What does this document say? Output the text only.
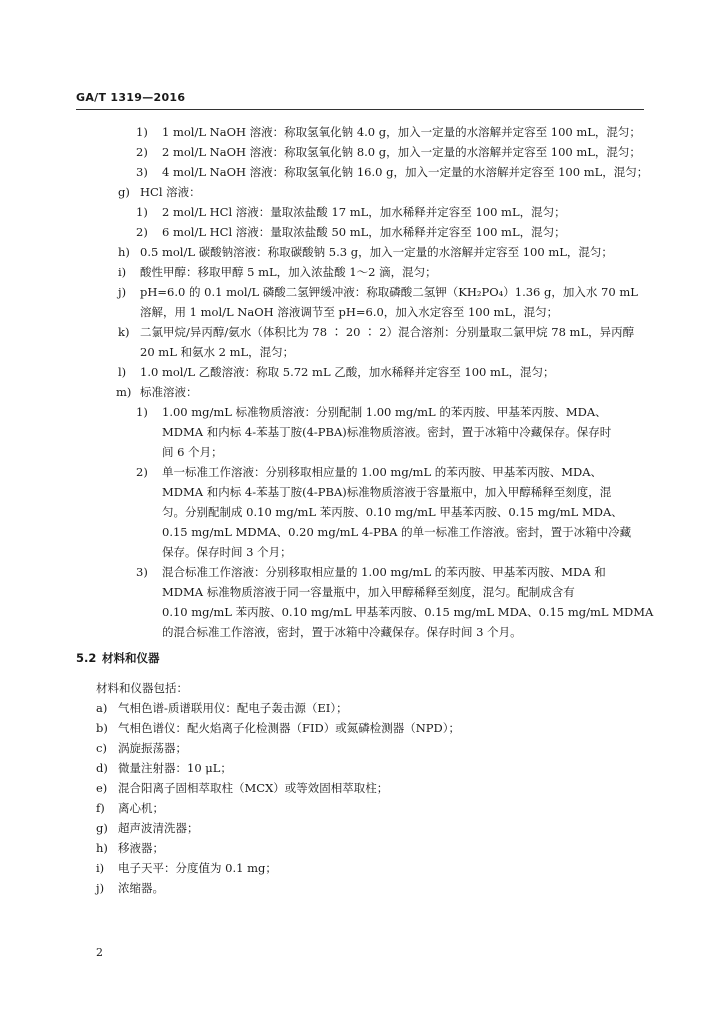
GA/T 1319—2016
1) 1 mol/L NaOH 溶液：称取氢氧化钠 4.0 g，加入一定量的水溶解并定容至 100 mL，混匀；
2) 2 mol/L NaOH 溶液：称取氢氧化钠 8.0 g，加入一定量的水溶解并定容至 100 mL，混匀；
3) 4 mol/L NaOH 溶液：称取氢氧化钠 16.0 g，加入一定量的水溶解并定容至 100 mL，混匀；
g) HCl 溶液：
1) 2 mol/L HCl 溶液：量取浓盐酸 17 mL，加水稀释并定容至 100 mL，混匀；
2) 6 mol/L HCl 溶液：量取浓盐酸 50 mL，加水稀释并定容至 100 mL，混匀；
h) 0.5 mol/L 碳酸钠溶液：称取碳酸钠 5.3 g，加入一定量的水溶解并定容至 100 mL，混匀；
i) 酸性甲醇：移取甲醇 5 mL，加入浓盐酸 1～2 滴，混匀；
j) pH=6.0 的 0.1 mol/L 磷酸二氢钾缓冲液：称取磷酸二氢钾（KH₂PO₄）1.36 g，加入水 70 mL
溶解，用 1 mol/L NaOH 溶液调节至 pH=6.0，加入水定容至 100 mL，混匀；
k) 二氯甲烷/异丙醇/氨水（体积比为 78 ∶ 20 ∶ 2）混合溶剂：分别量取二氯甲烷 78 mL，异丙醇
20 mL 和氨水 2 mL，混匀；
l) 1.0 mol/L 乙酸溶液：称取 5.72 mL 乙酸，加水稀释并定容至 100 mL，混匀；
m) 标准溶液：
1) 1.00 mg/mL 标准物质溶液：分别配制 1.00 mg/mL 的苯丙胺、甲基苯丙胺、MDA、
MDMA 和内标 4-苯基丁胺(4-PBA)标准物质溶液。密封，置于冰箱中冷藏保存。保存时
间 6 个月；
2) 单一标准工作溶液：分别移取相应量的 1.00 mg/mL 的苯丙胺、甲基苯丙胺、MDA、
MDMA 和内标 4-苯基丁胺(4-PBA)标准物质溶液于容量瓶中，加入甲醇稀释至刻度，混
匀。分别配制成 0.10 mg/mL 苯丙胺、0.10 mg/mL 甲基苯丙胺、0.15 mg/mL MDA、
0.15 mg/mL MDMA、0.20 mg/mL 4-PBA 的单一标准工作溶液。密封，置于冰箱中冷藏
保存。保存时间 3 个月；
3) 混合标准工作溶液：分别移取相应量的 1.00 mg/mL 的苯丙胺、甲基苯丙胺、MDA 和
MDMA 标准物质溶液于同一容量瓶中，加入甲醇稀释至刻度，混匀。配制成含有
0.10 mg/mL 苯丙胺、0.10 mg/mL 甲基苯丙胺、0.15 mg/mL MDA、0.15 mg/mL MDMA
的混合标准工作溶液，密封，置于冰箱中冷藏保存。保存时间 3 个月。
5.2 材料和仪器
材料和仪器包括：
a) 气相色谱-质谱联用仪：配电子轰击源（EI）；
b) 气相色谱仪：配火焰离子化检测器（FID）或氮磷检测器（NPD）；
c) 涡旋振荡器；
d) 微量注射器：10 μL；
e) 混合阳离子固相萃取柱（MCX）或等效固相萃取柱；
f) 离心机；
g) 超声波清洗器；
h) 移液器；
i) 电子天平：分度值为 0.1 mg；
j) 浓缩器。
2
